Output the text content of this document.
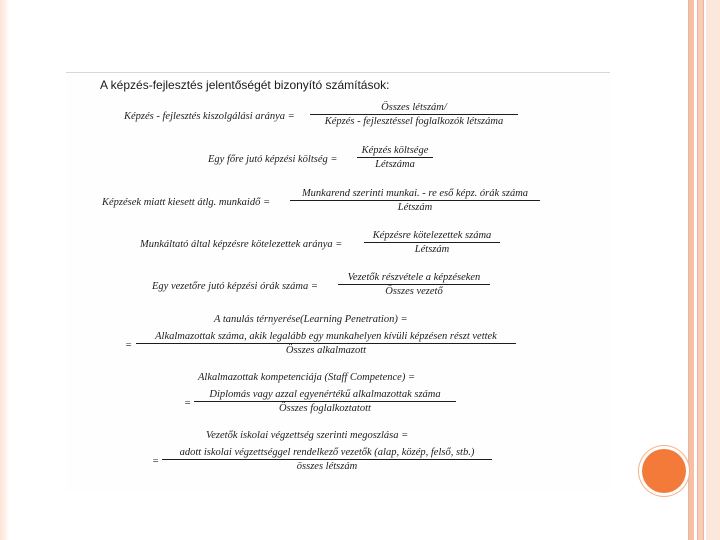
A képzés-fejlesztés jelentőségét bizonyító számítások:
Képzés - fejlesztés kiszolgálási aránya =
Összes létszám/
Képzés - fejlesztéssel foglalkozók létszáma
Egy főre jutó képzési költség =
Képzés költsége
Létszáma
Képzések miatt kiesett átlg. munkaidő =
Munkarend szerinti munkai. - re eső képz. órák száma
Létszám
Munkáltató által képzésre kötelezettek aránya =
Képzésre kötelezettek száma
Létszám
Egy vezetőre jutó képzési órák száma =
Vezetők részvétele a képzéseken
Összes vezető
A tanulás térnyerése(Learning Penetration) =
=
Alkalmazottak száma, akik legalább egy munkahelyen kívüli képzésen részt vettek
Összes alkalmazott
Alkalmazottak kompetenciája (Staff Competence) =
=
Diplomás vagy azzal egyenértékű alkalmazottak száma
Összes foglalkoztatott
Vezetők iskolai végzettség szerinti megoszlása =
=
adott iskolai végzettséggel rendelkező vezetők (alap, közép, felső, stb.)
összes létszám
